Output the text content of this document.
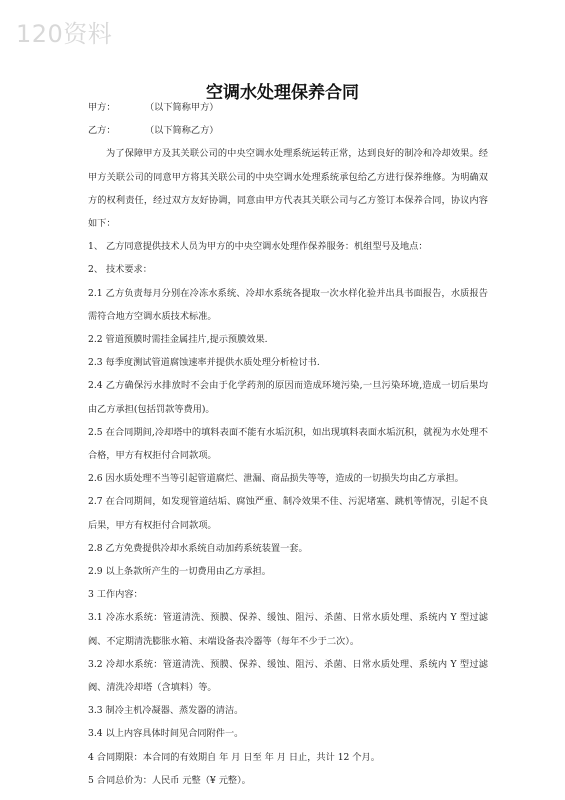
120资料
空调水处理保养合同

甲方：	（以下简称甲方）

乙方：	（以下简称乙方）

为了保障甲方及其关联公司的中央空调水处理系统运转正常，达到良好的制冷和冷却效果。经甲方关联公司的同意甲方将其关联公司的中央空调水处理系统承包给乙方进行保养维修。为明确双方的权利责任，经过双方友好协调，同意由甲方代表其关联公司与乙方签订本保养合同，协议内容如下：

1、 乙方同意提供技术人员为甲方的中央空调水处理作保养服务：机组型号及地点：

2、 技术要求：

2.1 乙方负责每月分别在冷冻水系统、冷却水系统各提取一次水样化验并出具书面报告，水质报告需符合地方空调水质技术标准。

2.2 管道预膜时需挂金属挂片,提示预膜效果.

2.3 每季度测试管道腐蚀速率并提供水质处理分析检讨书.

2.4 乙方确保污水排放时不会由于化学药剂的原因而造成环境污染,一旦污染环境,造成一切后果均由乙方承担(包括罚款等费用)。

2.5 在合同期间,冷却塔中的填料表面不能有水垢沉积，如出现填料表面水垢沉积，就视为水处理不合格，甲方有权拒付合同款项。

2.6 因水质处理不当等引起管道腐烂、泄漏、商品损失等等，造成的一切损失均由乙方承担。

2.7 在合同期间，如发现管道结垢、腐蚀严重、制冷效果不佳、污泥堵塞、跳机等情况，引起不良后果，甲方有权拒付合同款项。

2.8 乙方免费提供冷却水系统自动加药系统装置一套。

2.9 以上条款所产生的一切费用由乙方承担。

3 工作内容：

3.1 冷冻水系统：管道清洗、预膜、保养、缓蚀、阻污、杀菌、日常水质处理、系统内 Y 型过滤阀、不定期清洗膨胀水箱、末端设备表冷器等（每年不少于二次）。

3.2 冷却水系统：管道清洗、预膜、保养、缓蚀、阻污、杀菌、日常水质处理、系统内 Y 型过滤阀、清洗冷却塔（含填料）等。

3.3 制冷主机冷凝器、蒸发器的清洁。

3.4 以上内容具体时间见合同附件一。

4 合同期限：本合同的有效期自 年 月 日至 年 月 日止，共计 12 个月。

5 合同总价为：人民币 元整（¥ 元整）。
